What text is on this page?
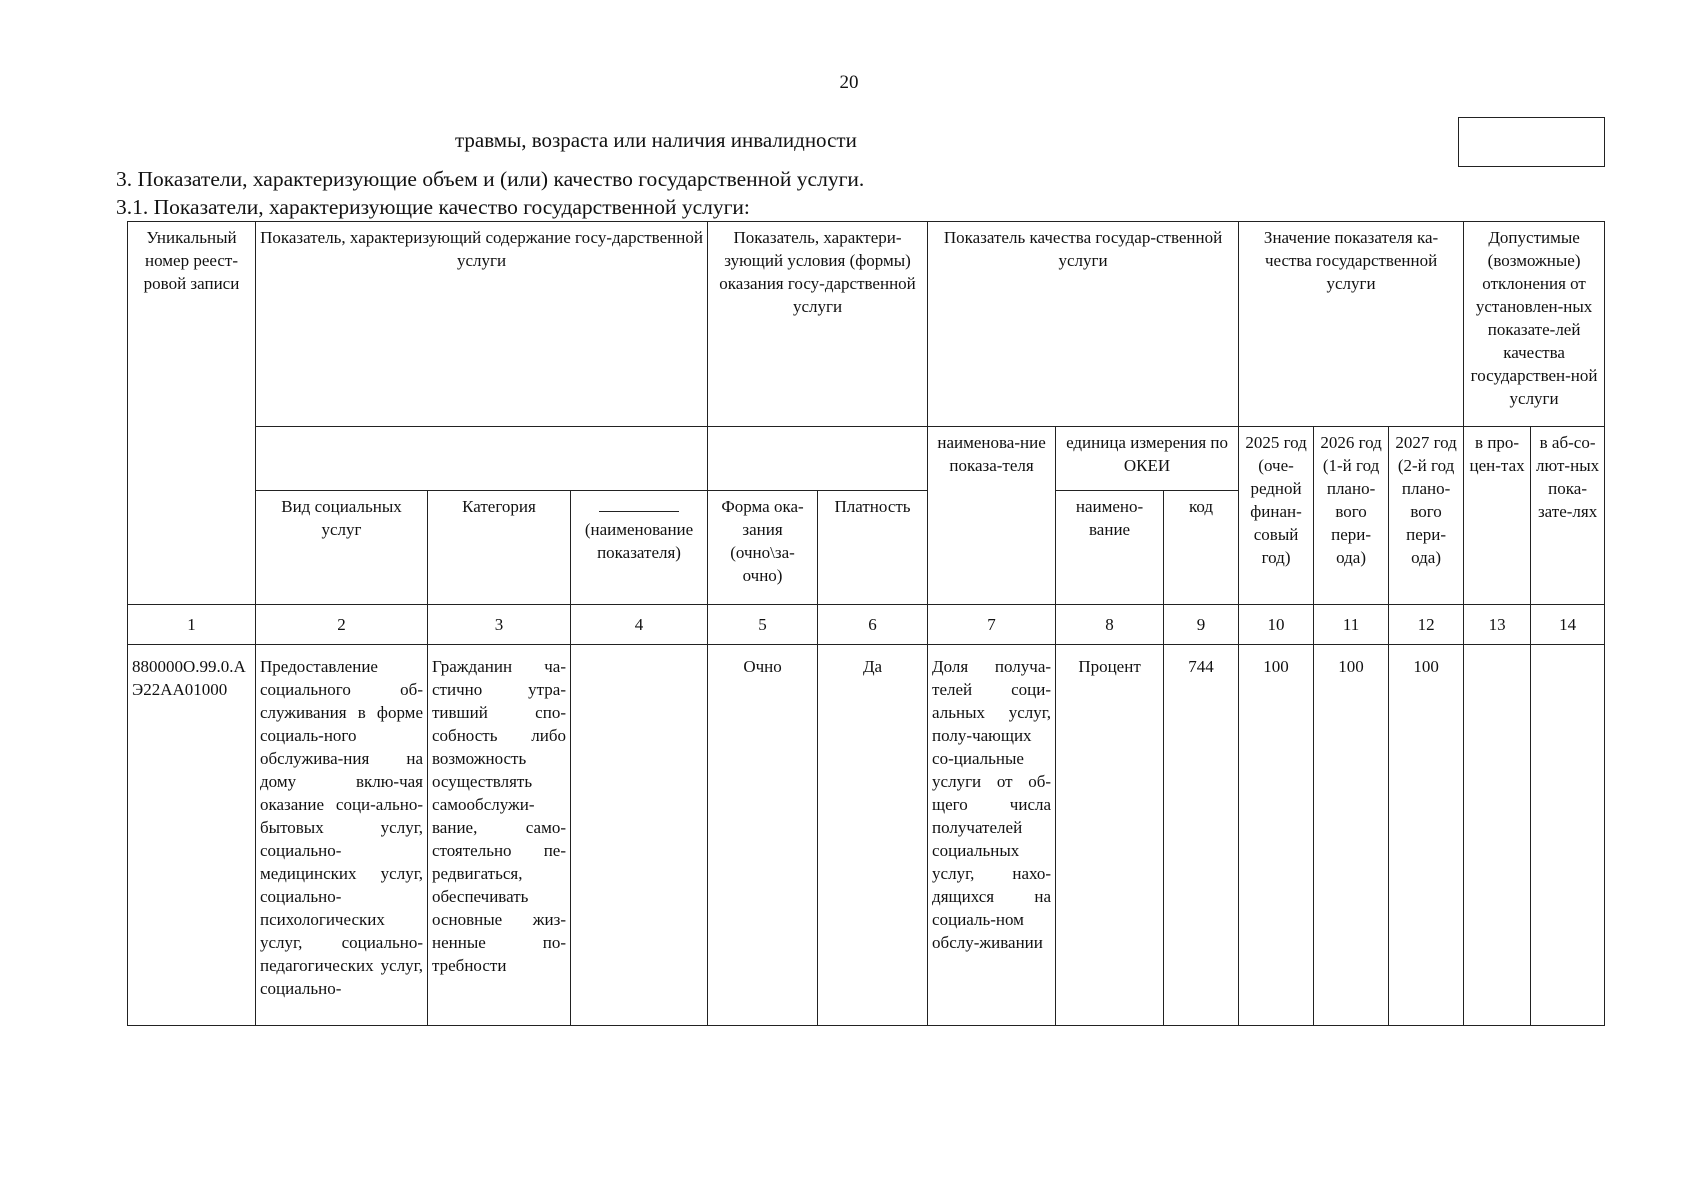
20
травмы, возраста или наличия инвалидности
3. Показатели, характеризующие объем и (или) качество государственной услуги.
3.1. Показатели, характеризующие качество государственной услуги:
Уникальный номер реест-ровой записи	Показатель, характеризующий содержание госу-дарственной услуги			Показатель, характери-зующий условия (формы) оказания госу-дарственной услуги		Показатель качества государ-ственной услуги			Значение показателя ка-чества государственной услуги			Допустимые (возможные) отклонения от установлен-ных показате-лей качества государствен-ной услуги	
						наименова-ние показа-теля	единица измерения по ОКЕИ		2025 год (оче-редной финан-совый год)	2026 год (1-й год плано-вого пери-ода)	2027 год (2-й год плано-вого пери-ода)	в про-цен-тах	в аб-со-лют-ных пока-зате-лях
							наимено-вание	код					
	Вид социальных услуг	Категория	(наименование показателя)	Форма ока-зания (очно\за-очно)	Платность								
1	2	3	4	5	6	7	8	9	10	11	12	13	14
880000О.99.0.АЭ22АА01000	Предоставление социального об-служивания в форме социаль-ного обслужива-ния на дому вклю-чая оказание соци-ально-бытовых услуг, социально-медицинских услуг, социально-психологических услуг, социально-педагогических услуг, социально-	Гражданин ча-стично утра-тивший спо-собность либо возможность осуществлять самообслужи-вание, само-стоятельно пе-редвигаться, обеспечивать основные жиз-ненные по-требности		Очно	Да	Доля получа-телей соци-альных услуг, полу-чающих со-циальные услуги от об-щего числа получателей социальных услуг, нахо-дящихся на социаль-ном обслу-живании	Процент	744	100	100	100		
